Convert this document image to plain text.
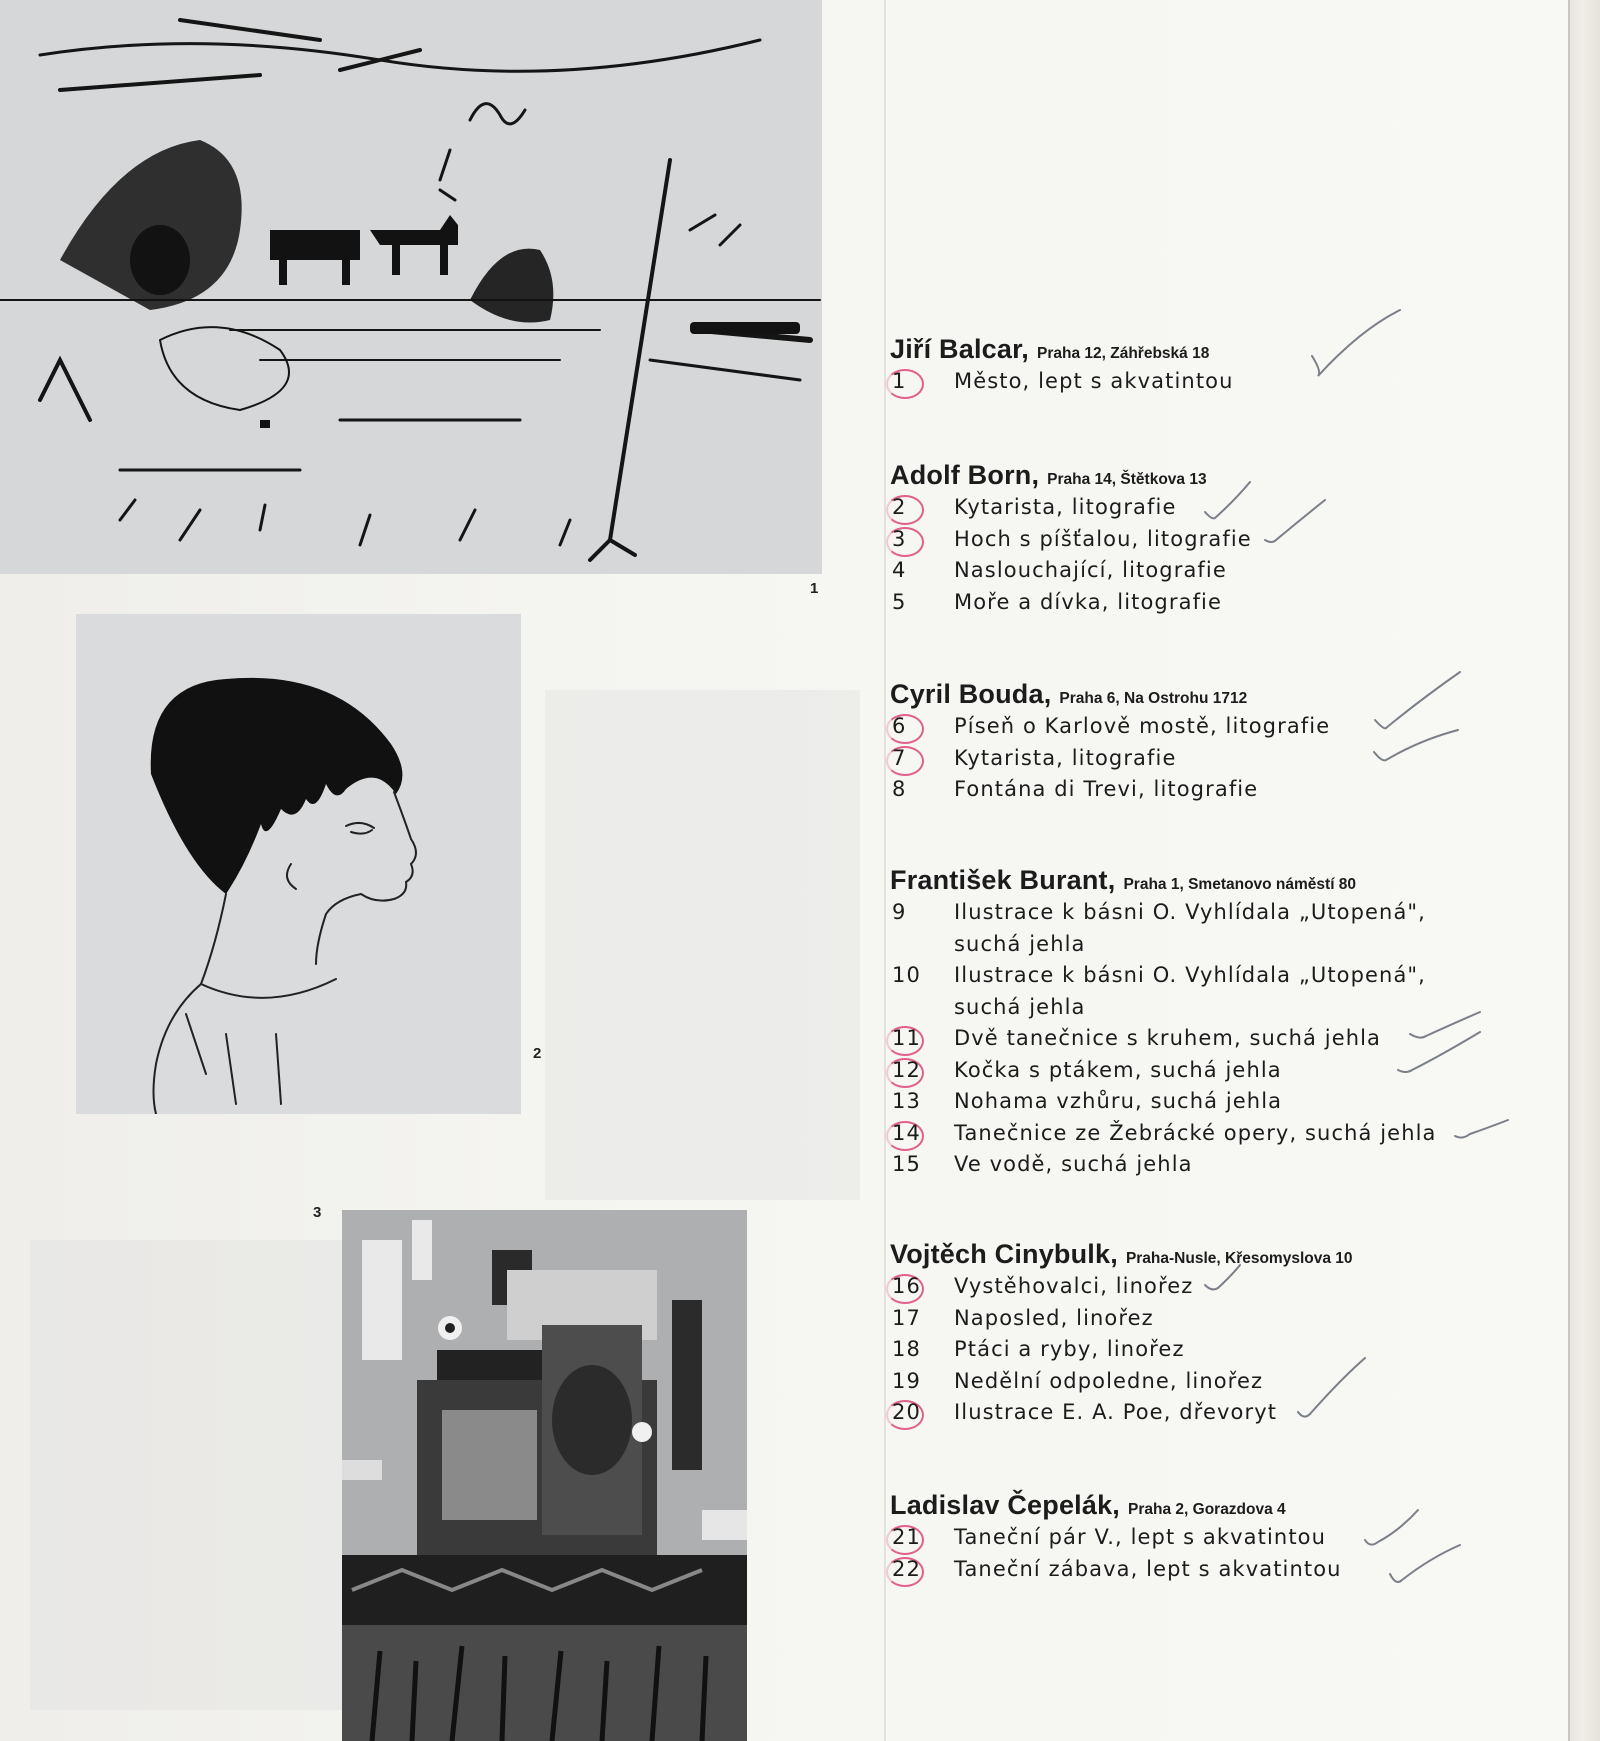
1
2
3
Jiří Balcar, Praha 12, Záhřebská 18
1	Město, lept s akvatintou
Adolf Born, Praha 14, Štětkova 13
2	Kytarista, litografie
3	Hoch s píšťalou, litografie
4	Naslouchající, litografie
5	Moře a dívka, litografie
Cyril Bouda, Praha 6, Na Ostrohu 1712
6	Píseň o Karlově mostě, litografie
7	Kytarista, litografie
8	Fontána di Trevi, litografie
František Burant, Praha 1, Smetanovo náměstí 80
9	Ilustrace k básni O. Vyhlídala „Utopená",
suchá jehla
10	Ilustrace k básni O. Vyhlídala „Utopená",
suchá jehla
11	Dvě tanečnice s kruhem, suchá jehla
12	Kočka s ptákem, suchá jehla
13	Nohama vzhůru, suchá jehla
14	Tanečnice ze Žebrácké opery, suchá jehla
15	Ve vodě, suchá jehla
Vojtěch Cinybulk, Praha-Nusle, Křesomyslova 10
16	Vystěhovalci, linořez
17	Naposled, linořez
18	Ptáci a ryby, linořez
19	Nedělní odpoledne, linořez
20	Ilustrace E. A. Poe, dřevoryt
Ladislav Čepelák, Praha 2, Gorazdova 4
21	Taneční pár V., lept s akvatintou
22	Taneční zábava, lept s akvatintou
